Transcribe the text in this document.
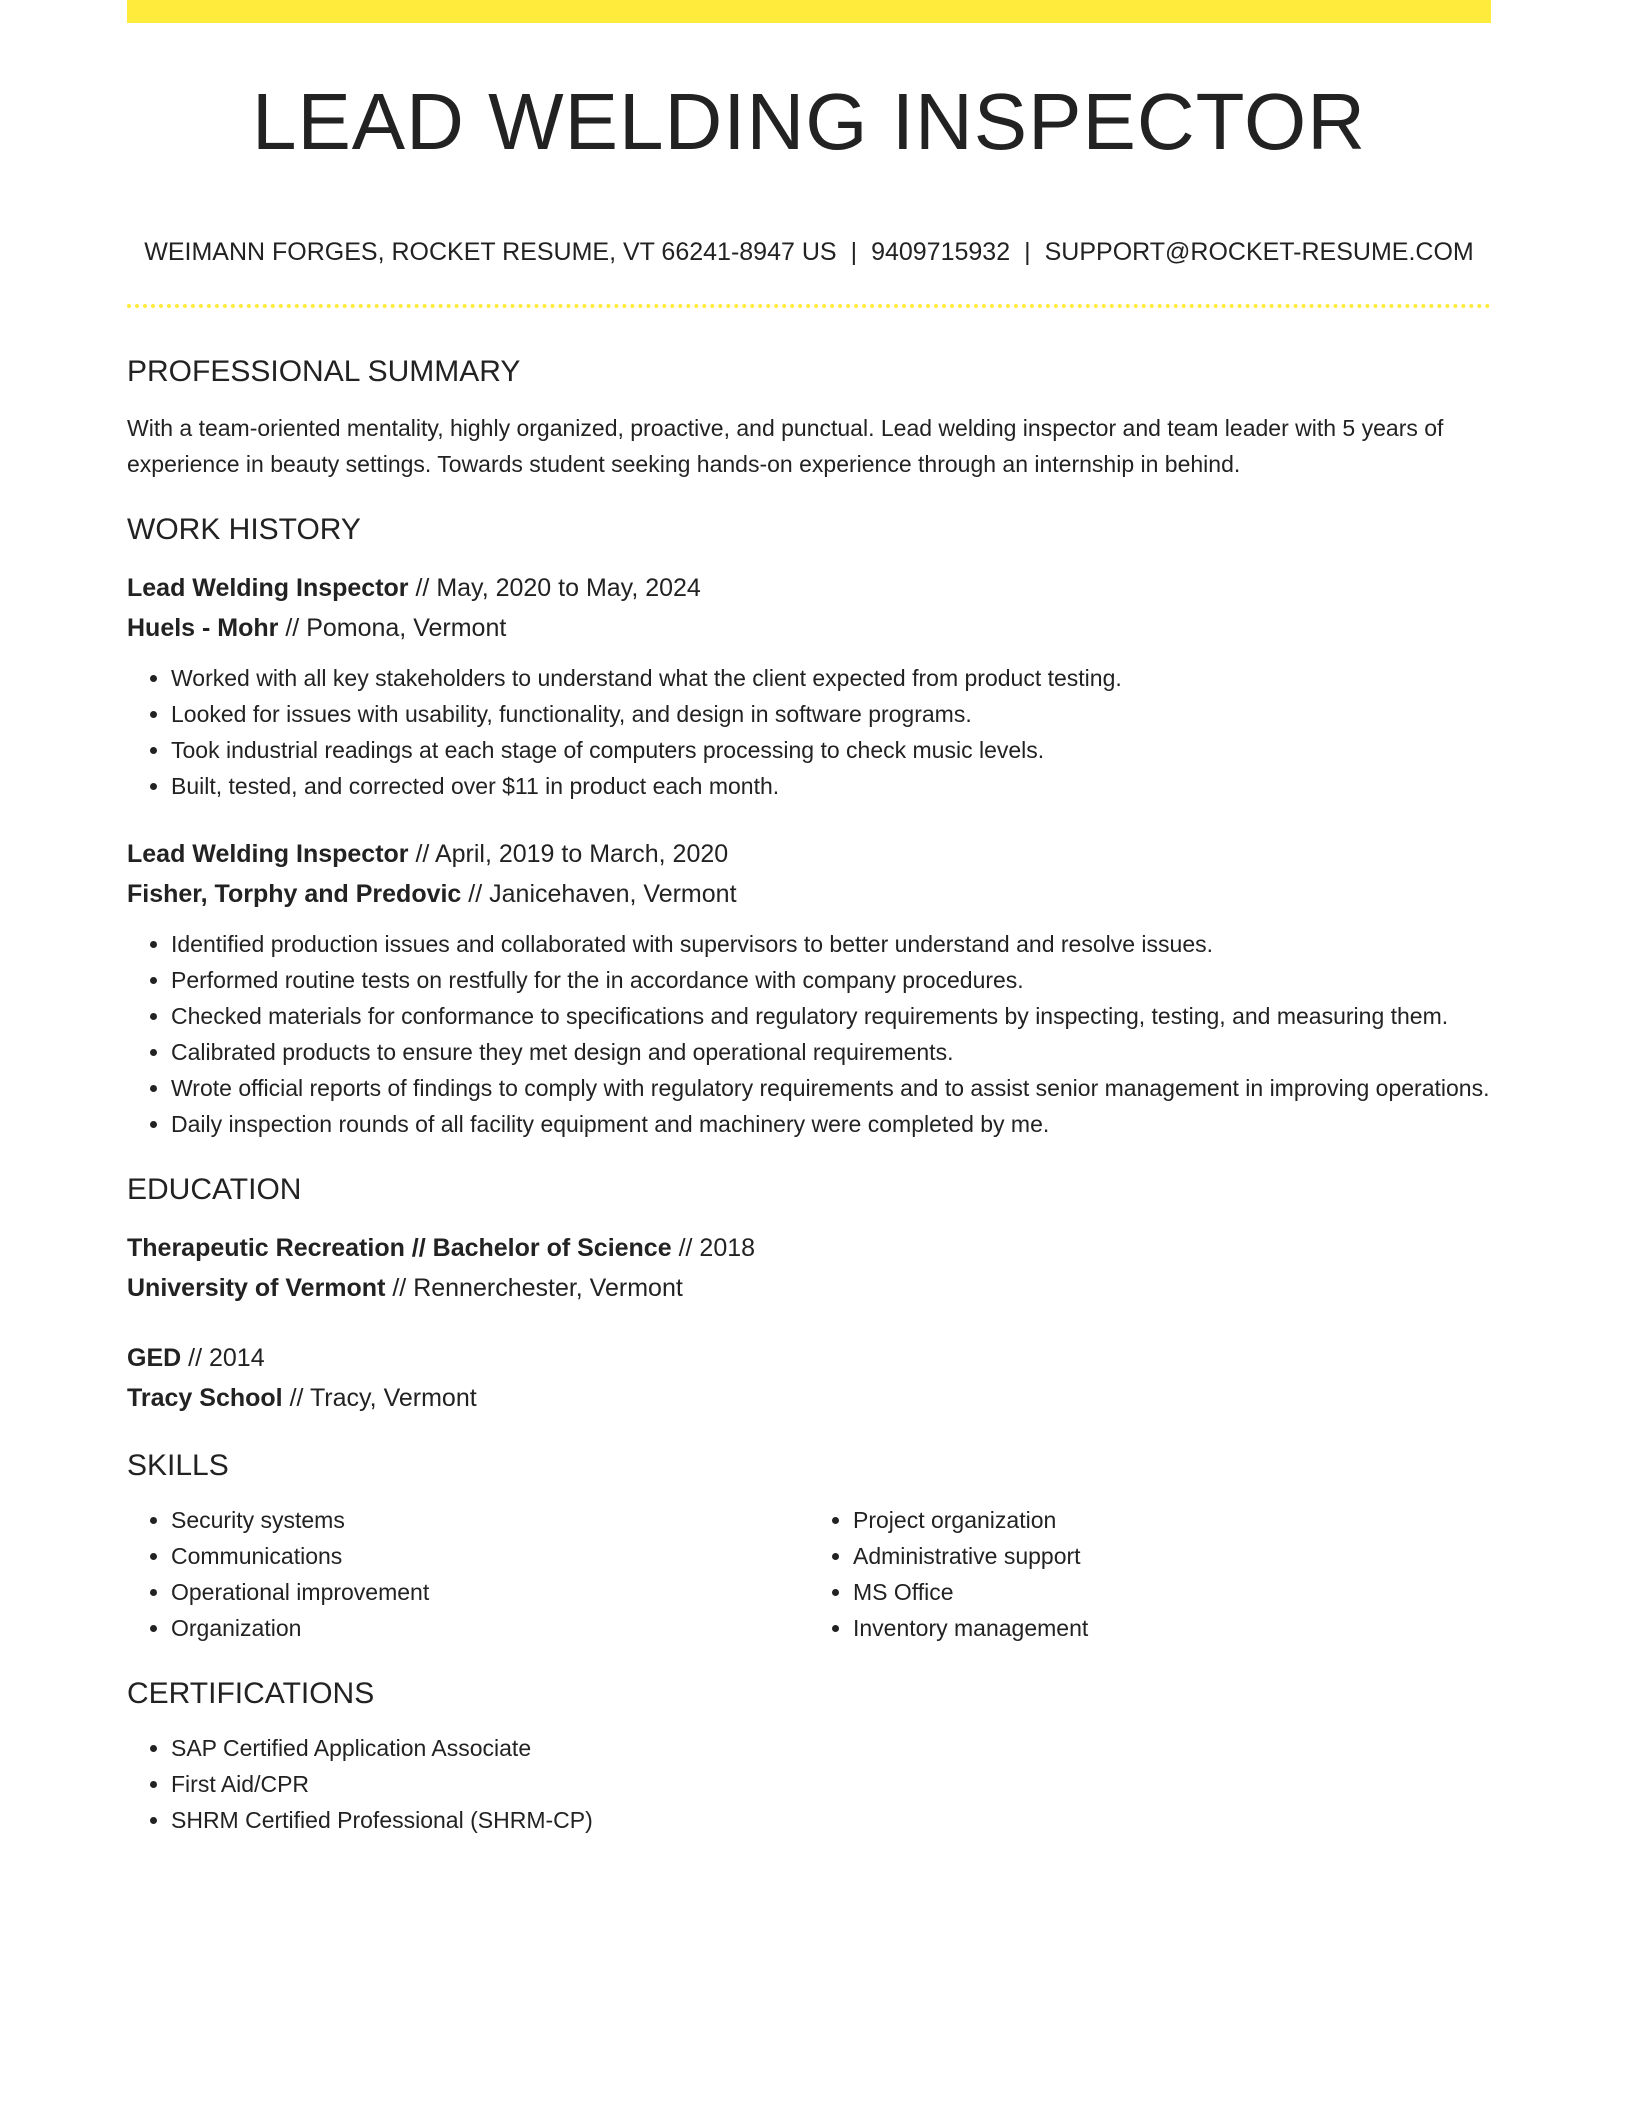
LEAD WELDING INSPECTOR
WEIMANN FORGES, ROCKET RESUME, VT 66241-8947 US | 9409715932 | SUPPORT@ROCKET-RESUME.COM
PROFESSIONAL SUMMARY

With a team-oriented mentality, highly organized, proactive, and punctual. Lead welding inspector and team leader with 5 years of experience in beauty settings. Towards student seeking hands-on experience through an internship in behind.

WORK HISTORY
Lead Welding Inspector // May, 2020 to May, 2024
Huels - Mohr // Pomona, Vermont
• Worked with all key stakeholders to understand what the client expected from product testing.
• Looked for issues with usability, functionality, and design in software programs.
• Took industrial readings at each stage of computers processing to check music levels.
• Built, tested, and corrected over $11 in product each month.
Lead Welding Inspector // April, 2019 to March, 2020
Fisher, Torphy and Predovic // Janicehaven, Vermont
• Identified production issues and collaborated with supervisors to better understand and resolve issues.
• Performed routine tests on restfully for the in accordance with company procedures.
• Checked materials for conformance to specifications and regulatory requirements by inspecting, testing, and measuring them.
• Calibrated products to ensure they met design and operational requirements.
• Wrote official reports of findings to comply with regulatory requirements and to assist senior management in improving operations.
• Daily inspection rounds of all facility equipment and machinery were completed by me.
EDUCATION
Therapeutic Recreation // Bachelor of Science // 2018
University of Vermont // Rennerchester, Vermont
GED // 2014
Tracy School // Tracy, Vermont
SKILLS
• Security systems
• Communications
• Operational improvement
• Organization
• Project organization
• Administrative support
• MS Office
• Inventory management
CERTIFICATIONS
• SAP Certified Application Associate
• First Aid/CPR
• SHRM Certified Professional (SHRM-CP)
